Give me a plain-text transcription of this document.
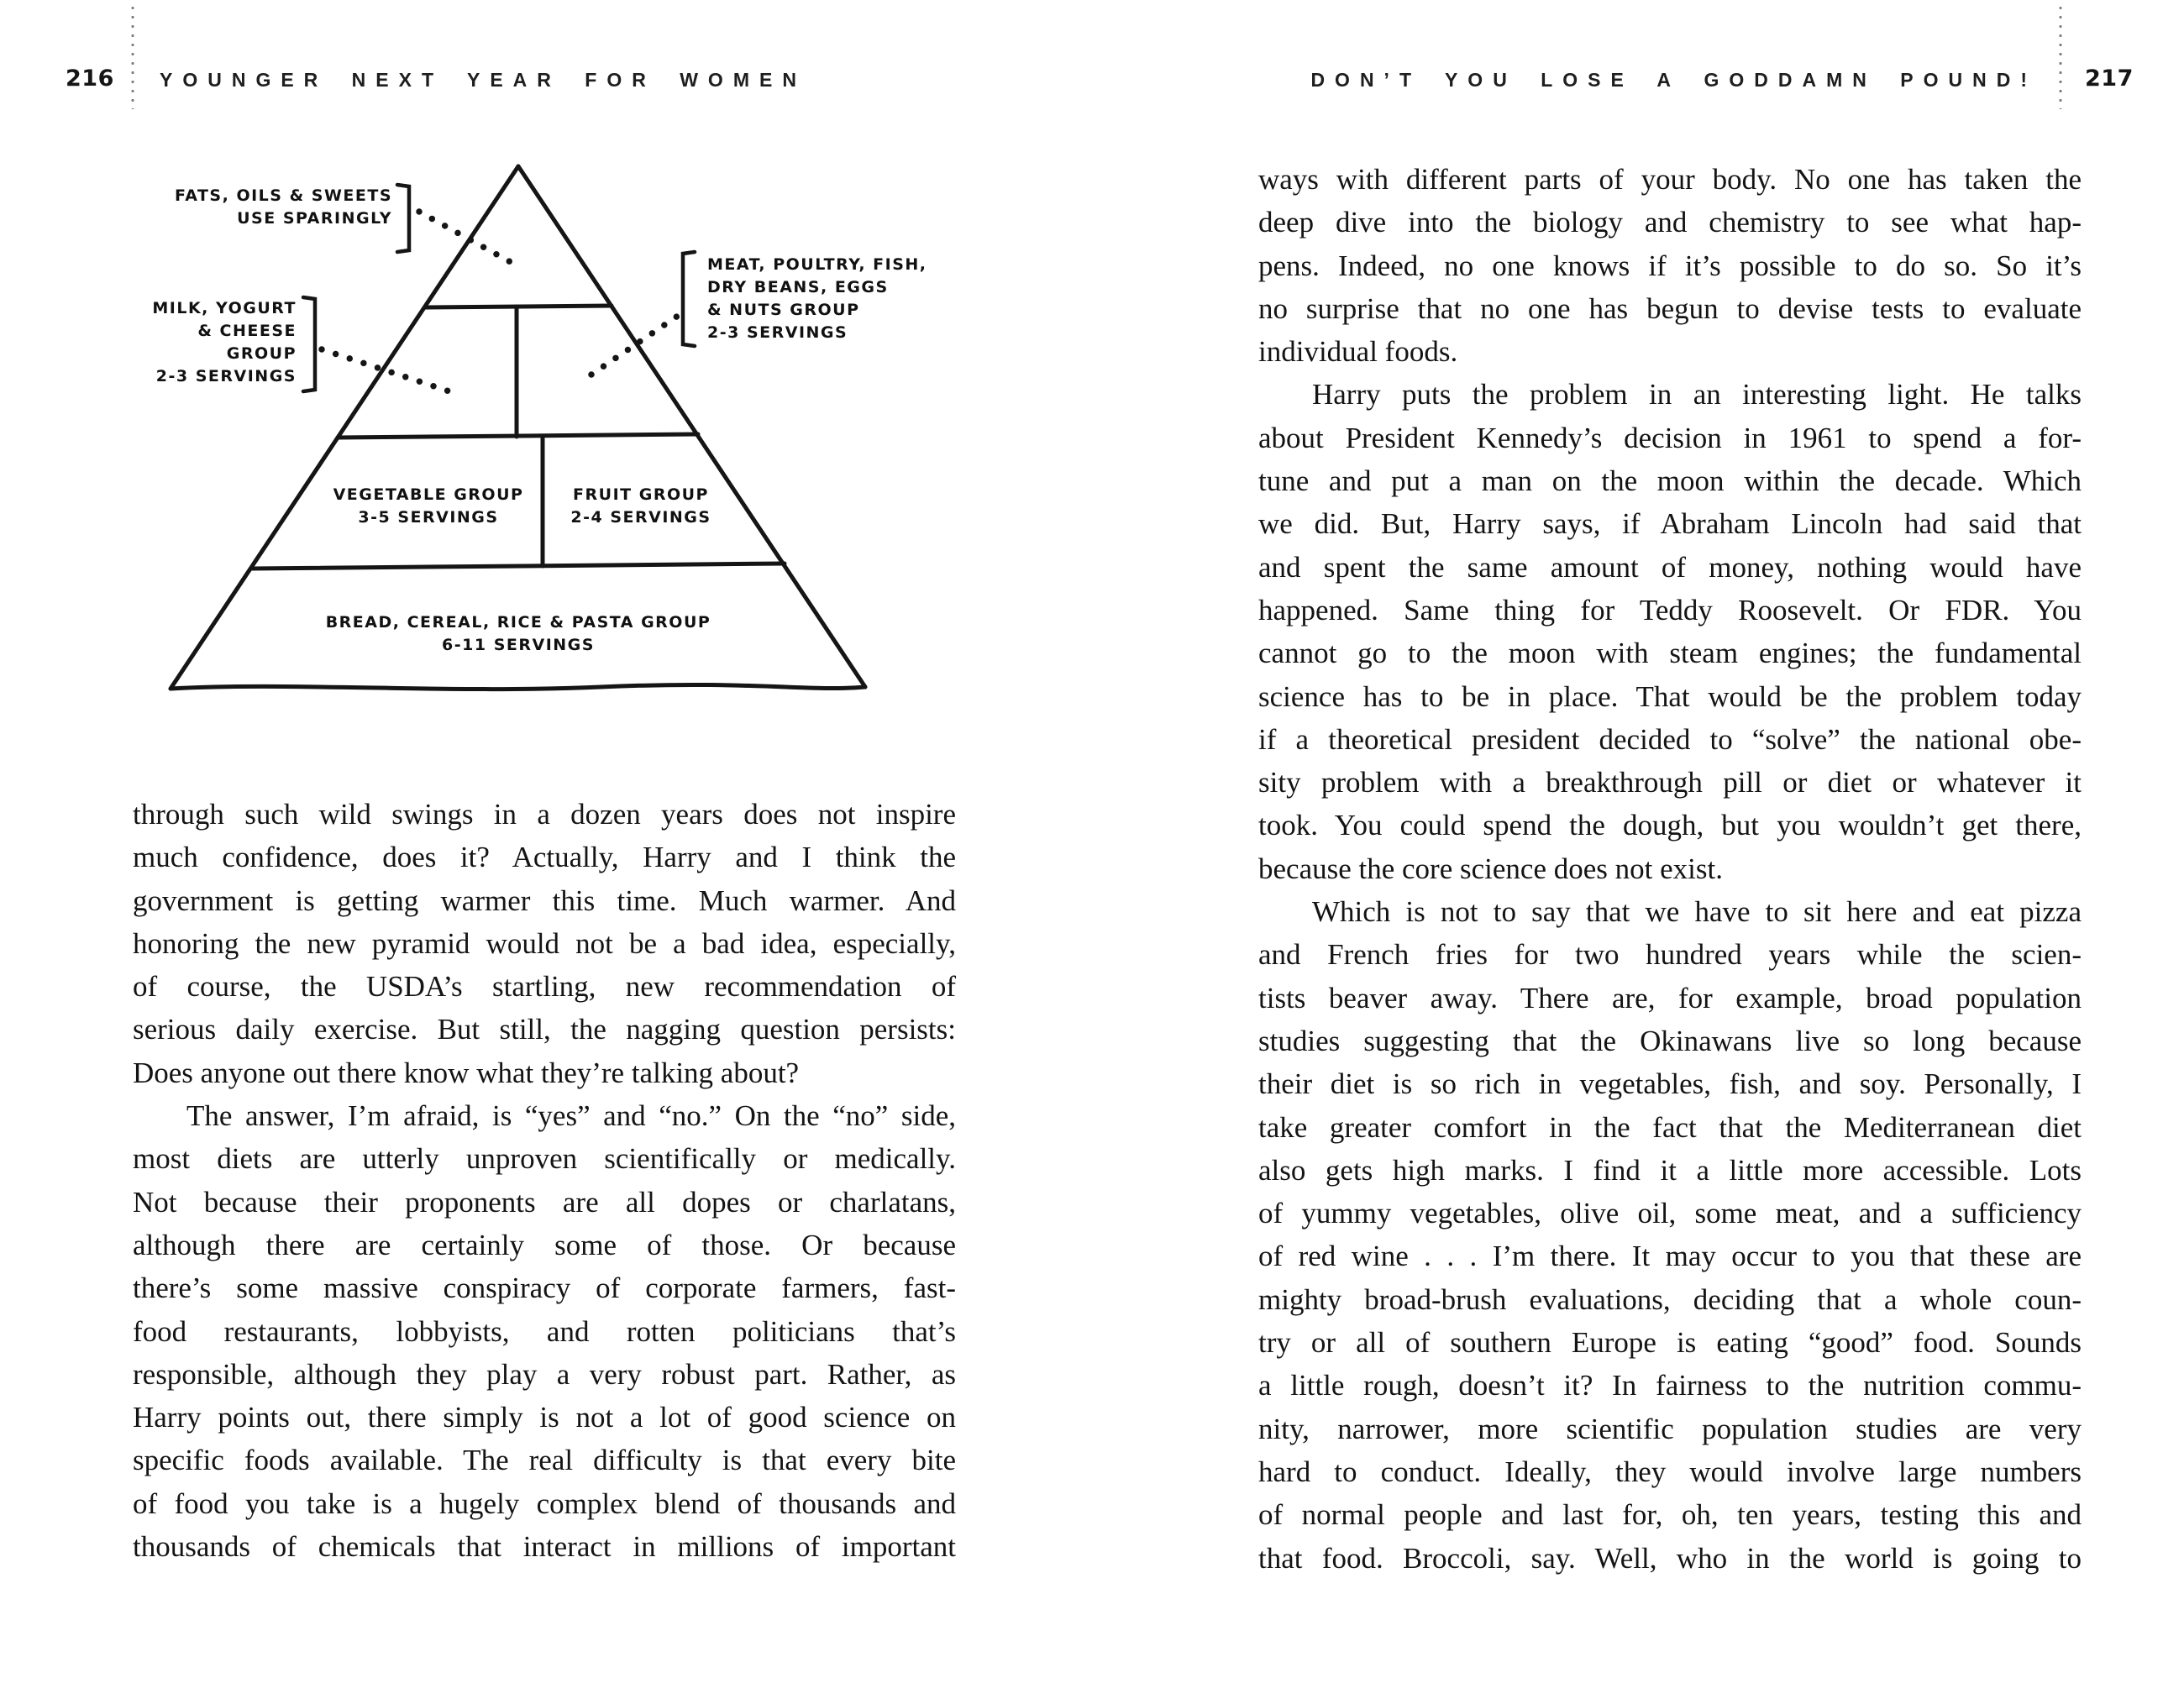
216 YOUNGER NEXT YEAR FOR WOMEN
FATS, OILS & SWEETS
USE SPARINGLY
MILK, YOGURT
& CHEESE
GROUP
2-3 SERVINGS
MEAT, POULTRY, FISH,
DRY BEANS, EGGS
& NUTS GROUP
2-3 SERVINGS
VEGETABLE GROUP
3-5 SERVINGS
FRUIT GROUP
2-4 SERVINGS
BREAD, CEREAL, RICE & PASTA GROUP
6-11 SERVINGS
through such wild swings in a dozen years does not inspire
much confidence, does it? Actually, Harry and I think the
government is getting warmer this time. Much warmer. And
honoring the new pyramid would not be a bad idea, especially,
of course, the USDA’s startling, new recommendation of
serious daily exercise. But still, the nagging question persists:
Does anyone out there know what they’re talking about?
The answer, I’m afraid, is “yes” and “no.” On the “no” side,
most diets are utterly unproven scientifically or medically.
Not because their proponents are all dopes or charlatans,
although there are certainly some of those. Or because
there’s some massive conspiracy of corporate farmers, fast-
food restaurants, lobbyists, and rotten politicians that’s
responsible, although they play a very robust part. Rather, as
Harry points out, there simply is not a lot of good science on
specific foods available. The real difficulty is that every bite
of food you take is a hugely complex blend of thousands and
thousands of chemicals that interact in millions of important
DON’T YOU LOSE A GODDAMN POUND! 217
ways with different parts of your body. No one has taken the
deep dive into the biology and chemistry to see what hap-
pens. Indeed, no one knows if it’s possible to do so. So it’s
no surprise that no one has begun to devise tests to evaluate
individual foods.
Harry puts the problem in an interesting light. He talks
about President Kennedy’s decision in 1961 to spend a for-
tune and put a man on the moon within the decade. Which
we did. But, Harry says, if Abraham Lincoln had said that
and spent the same amount of money, nothing would have
happened. Same thing for Teddy Roosevelt. Or FDR. You
cannot go to the moon with steam engines; the fundamental
science has to be in place. That would be the problem today
if a theoretical president decided to “solve” the national obe-
sity problem with a breakthrough pill or diet or whatever it
took. You could spend the dough, but you wouldn’t get there,
because the core science does not exist.
Which is not to say that we have to sit here and eat pizza
and French fries for two hundred years while the scien-
tists beaver away. There are, for example, broad population
studies suggesting that the Okinawans live so long because
their diet is so rich in vegetables, fish, and soy. Personally, I
take greater comfort in the fact that the Mediterranean diet
also gets high marks. I find it a little more accessible. Lots
of yummy vegetables, olive oil, some meat, and a sufficiency
of red wine . . . I’m there. It may occur to you that these are
mighty broad-brush evaluations, deciding that a whole coun-
try or all of southern Europe is eating “good” food. Sounds
a little rough, doesn’t it? In fairness to the nutrition commu-
nity, narrower, more scientific population studies are very
hard to conduct. Ideally, they would involve large numbers
of normal people and last for, oh, ten years, testing this and
that food. Broccoli, say. Well, who in the world is going to
